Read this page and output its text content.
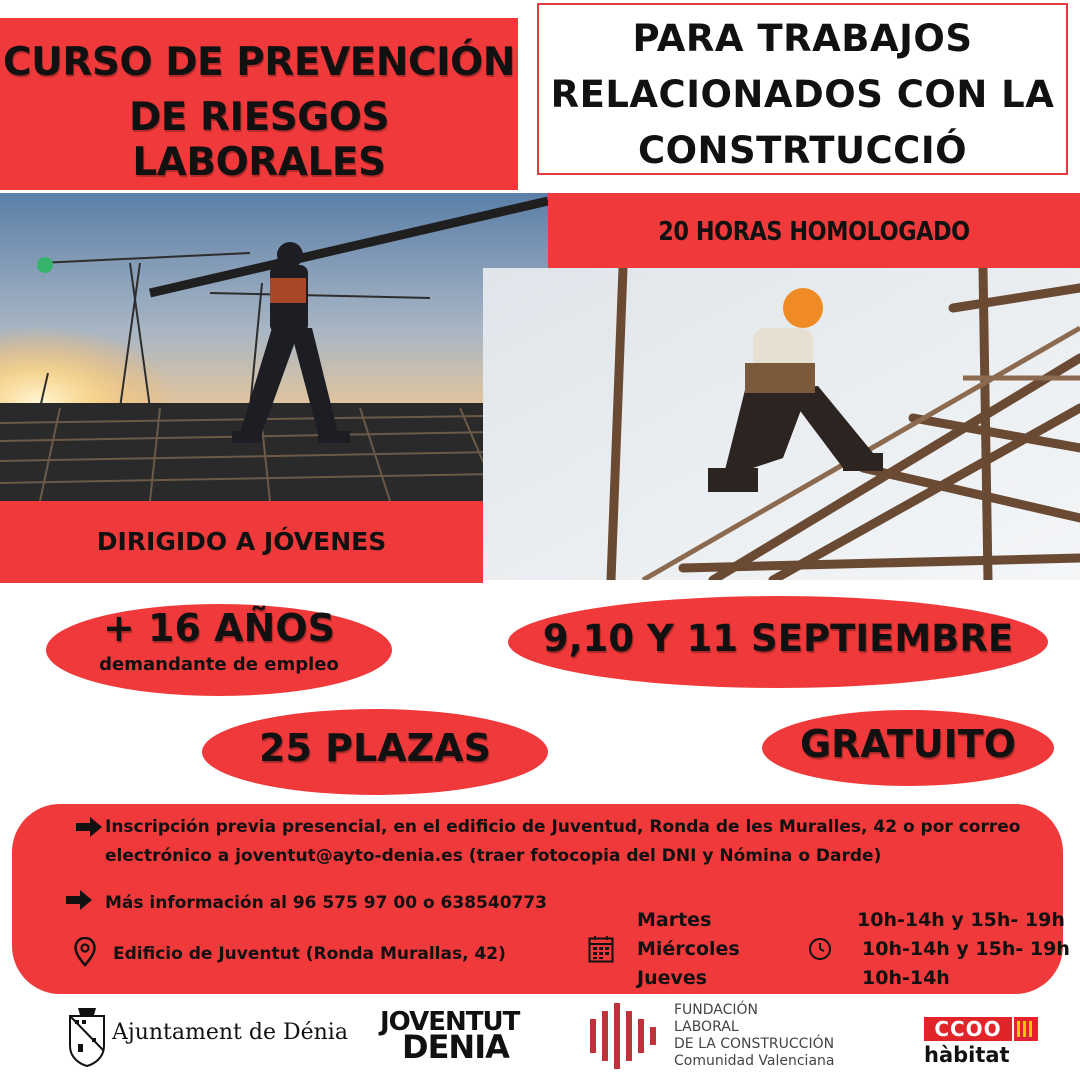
CURSO DE PREVENCIÓN
DE RIESGOS LABORALES
PARA TRABAJOS
RELACIONADOS CON LA
CONSTRTUCCIÓ
20 HORAS HOMOLOGADO
DIRIGIDO A JÓVENES
+ 16 AÑOS
demandante de empleo
9,10 Y 11 SEPTIEMBRE
25 PLAZAS	GRATUITO
Inscripción previa presencial, en el edificio de Juventud, Ronda de les Muralles, 42 o por correo
electrónico a joventut@ayto-denia.es (traer fotocopia del DNI y Nómina o Darde)
Más información al 96 575 97 00 o 638540773
Edificio de Juventut (Ronda Murallas, 42)
Martes
Miércoles
Jueves
10h-14h y 15h- 19h
10h-14h y 15h- 19h
10h-14h
Ajuntament de Dénia JOVENTUT
DENIA
FUNDACIÓN
LABORAL
DE LA CONSTRUCCIÓN
Comunidad Valenciana
CCOO
hàbitat
